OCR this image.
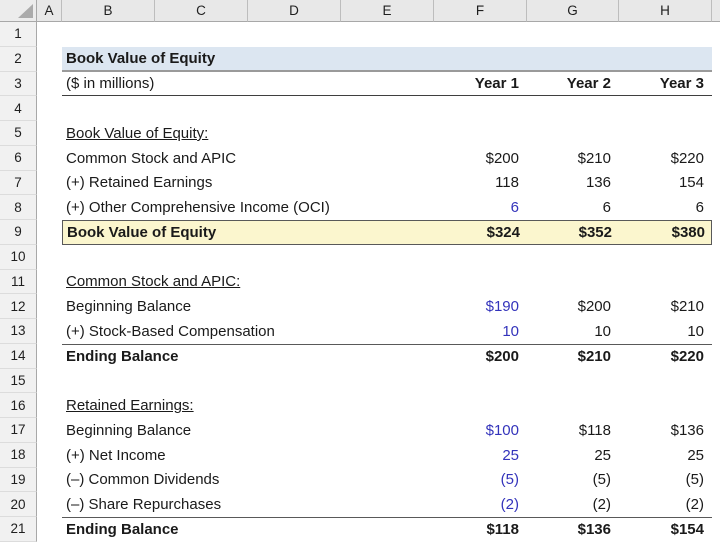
A	B	C	D	E	F	G	H
1
2	Book Value of Equity
3	($ in millions)	Year 1	Year 2	Year 3
4
5	Book Value of Equity:
6	Common Stock and APIC	$200	$210	$220
7	(+) Retained Earnings	118	136	154
8	(+) Other Comprehensive Income (OCI)	6	6	6
9	Book Value of Equity	$324	$352	$380
10
11	Common Stock and APIC:
12	Beginning Balance	$190	$200	$210
13	(+) Stock-Based Compensation	10	10	10
14	Ending Balance	$200	$210	$220
15
16	Retained Earnings:
17	Beginning Balance	$100	$118	$136
18	(+) Net Income	25	25	25
19	(–) Common Dividends	(5)	(5)	(5)
20	(–) Share Repurchases	(2)	(2)	(2)
21	Ending Balance	$118	$136	$154
